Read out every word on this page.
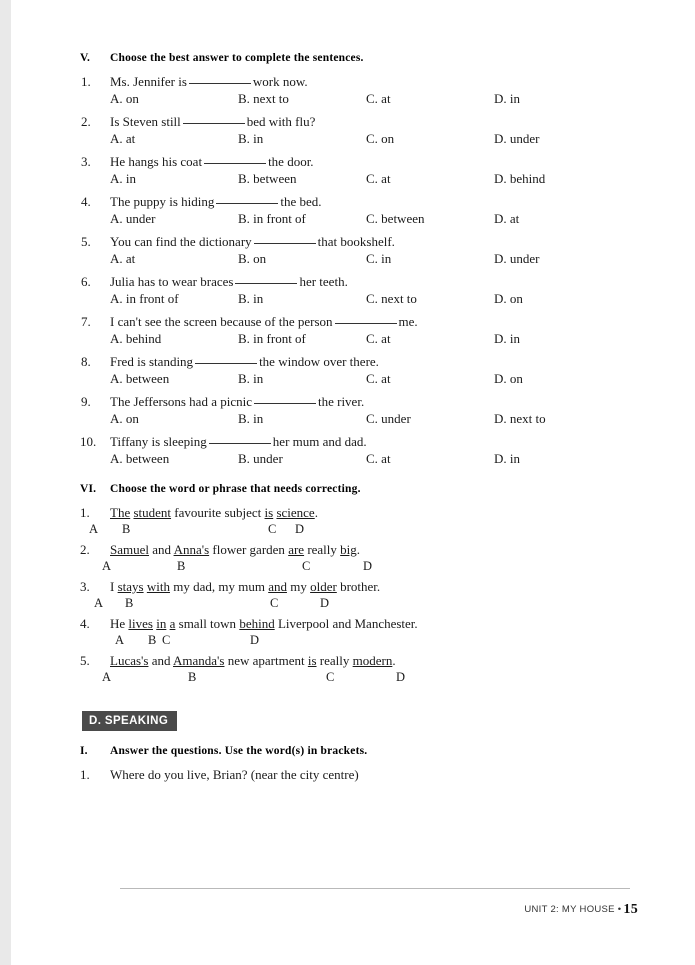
V.	Choose the best answer to complete the sentences.
1.	Ms. Jennifer is	work now.
A. on	B. next to	C. at	D. in
2.	Is Steven still	bed with flu?
A. at	B. in	C. on	D. under
3.	He hangs his coat	the door.
A. in	B. between	C. at	D. behind
4.	The puppy is hiding	the bed.
A. under	B. in front of	C. between	D. at
5.	You can find the dictionary	that bookshelf.
A. at	B. on	C. in	D. under
6.	Julia has to wear braces	her teeth.
A. in front of	B. in	C. next to	D. on
7.	I can't see the screen because of the person	me.
A. behind	B. in front of	C. at	D. in
8.	Fred is standing	the window over there.
A. between	B. in	C. at	D. on
9.	The Jeffersons had a picnic	the river.
A. on	B. in	C. under	D. next to
10.	Tiffany is sleeping	her mum and dad.
A. between	B. under	C. at	D. in
VI.	Choose the word or phrase that needs correcting.
1.	The student favourite subject is science.
A B	C D
2.	Samuel and Anna's flower garden are really big.
A	B	C	D
3.	I stays with my dad, my mum and my older brother.
A B	C	D
4.	He lives in a small town behind Liverpool and Manchester.
A B C	D
5.	Lucas's and Amanda's new apartment is really modern.
A	B	C	D
D. SPEAKING
I.	Answer the questions. Use the word(s) in brackets.
1.	Where do you live, Brian? (near the city centre)
UNIT 2: MY HOUSE • 15
